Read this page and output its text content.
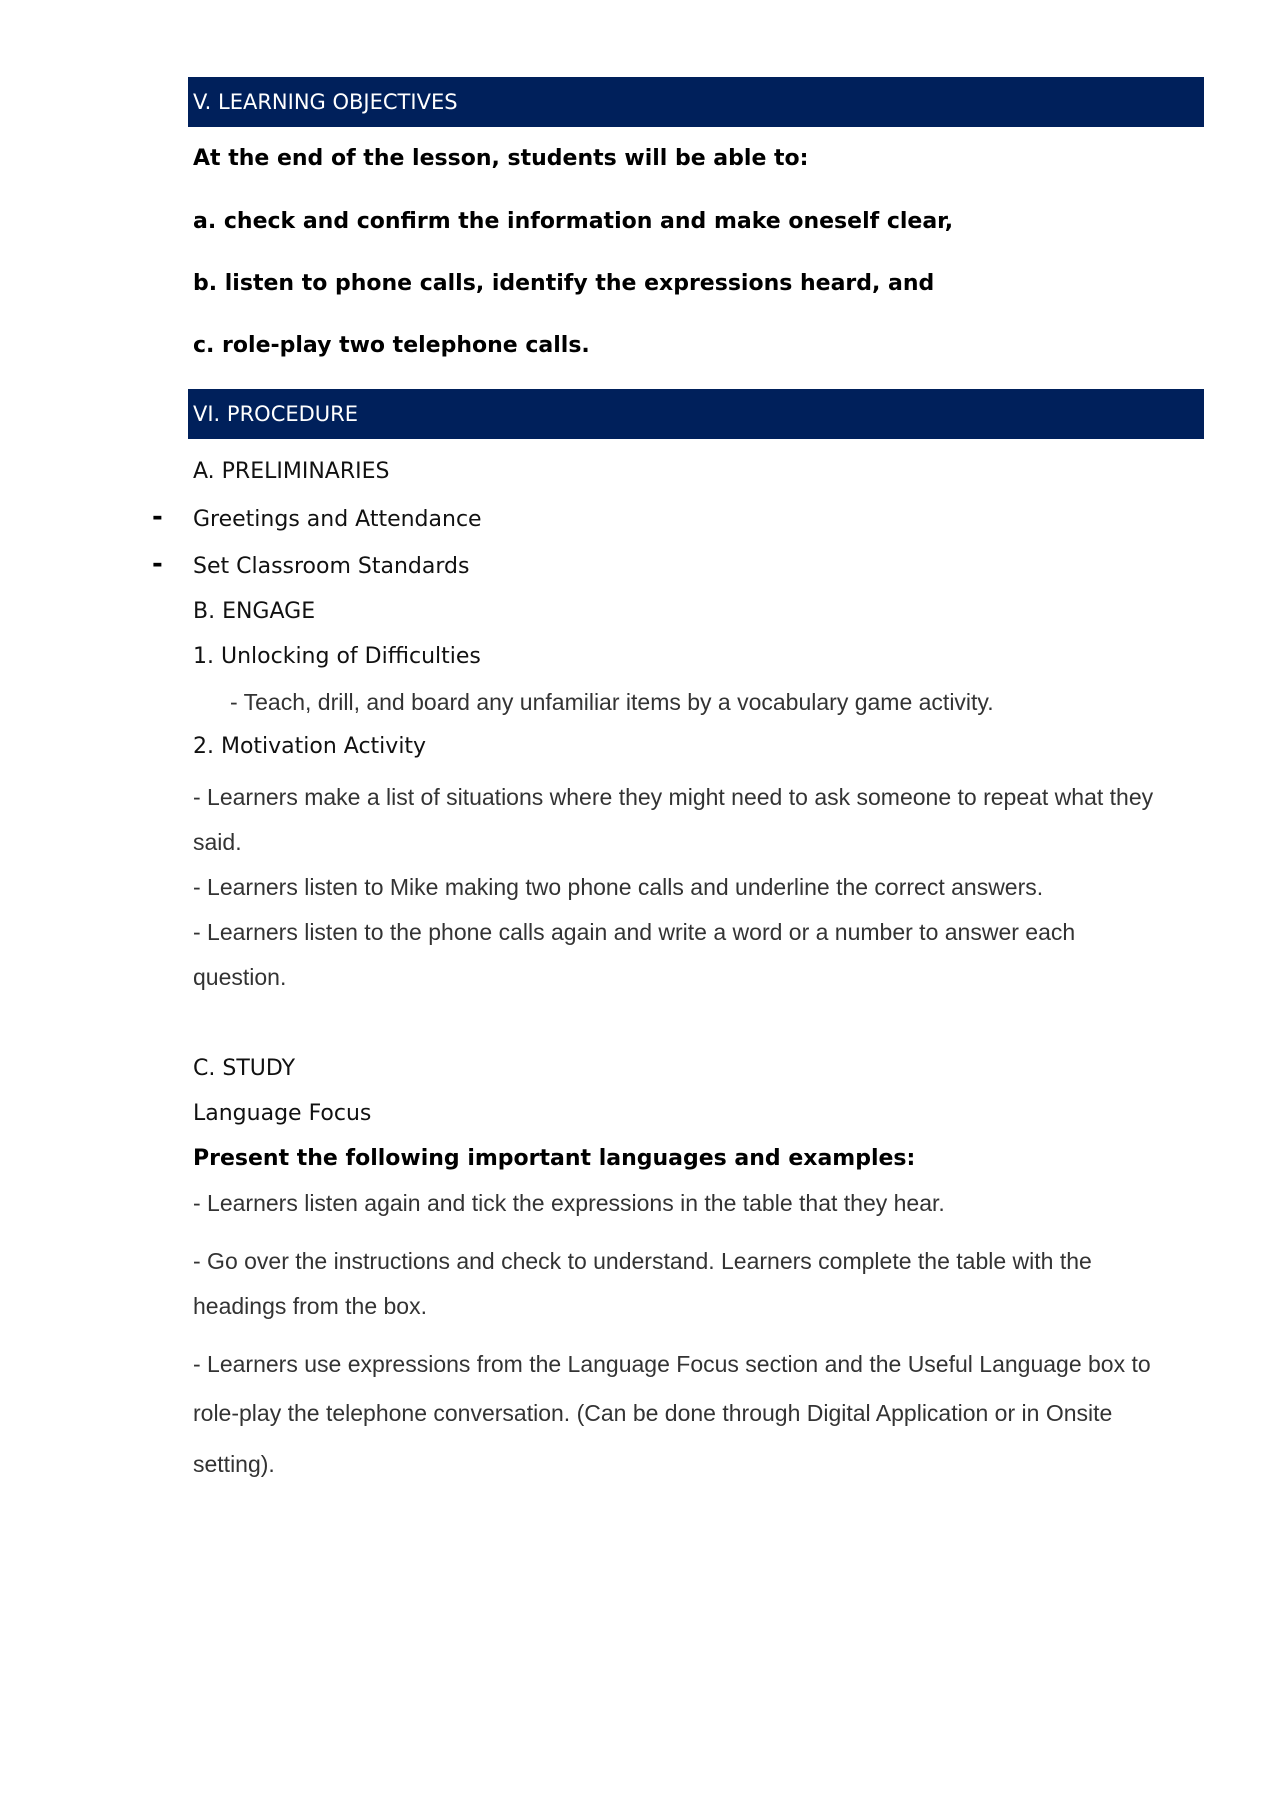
V. LEARNING OBJECTIVES

At the end of the lesson, students will be able to:

a. check and confirm the information and make oneself clear,

b. listen to phone calls, identify the expressions heard, and

c. role-play two telephone calls.

VI. PROCEDURE

A. PRELIMINARIES

- Greetings and Attendance

- Set Classroom Standards

B. ENGAGE

1. Unlocking of Difficulties

- Teach, drill, and board any unfamiliar items by a vocabulary game activity.

2. Motivation Activity

- Learners make a list of situations where they might need to ask someone to repeat what they

said.

- Learners listen to Mike making two phone calls and underline the correct answers.

- Learners listen to the phone calls again and write a word or a number to answer each

question.

C. STUDY

Language Focus

Present the following important languages and examples:

- Learners listen again and tick the expressions in the table that they hear.

- Go over the instructions and check to understand. Learners complete the table with the

headings from the box.

- Learners use expressions from the Language Focus section and the Useful Language box to

role-play the telephone conversation. (Can be done through Digital Application or in Onsite

setting).
